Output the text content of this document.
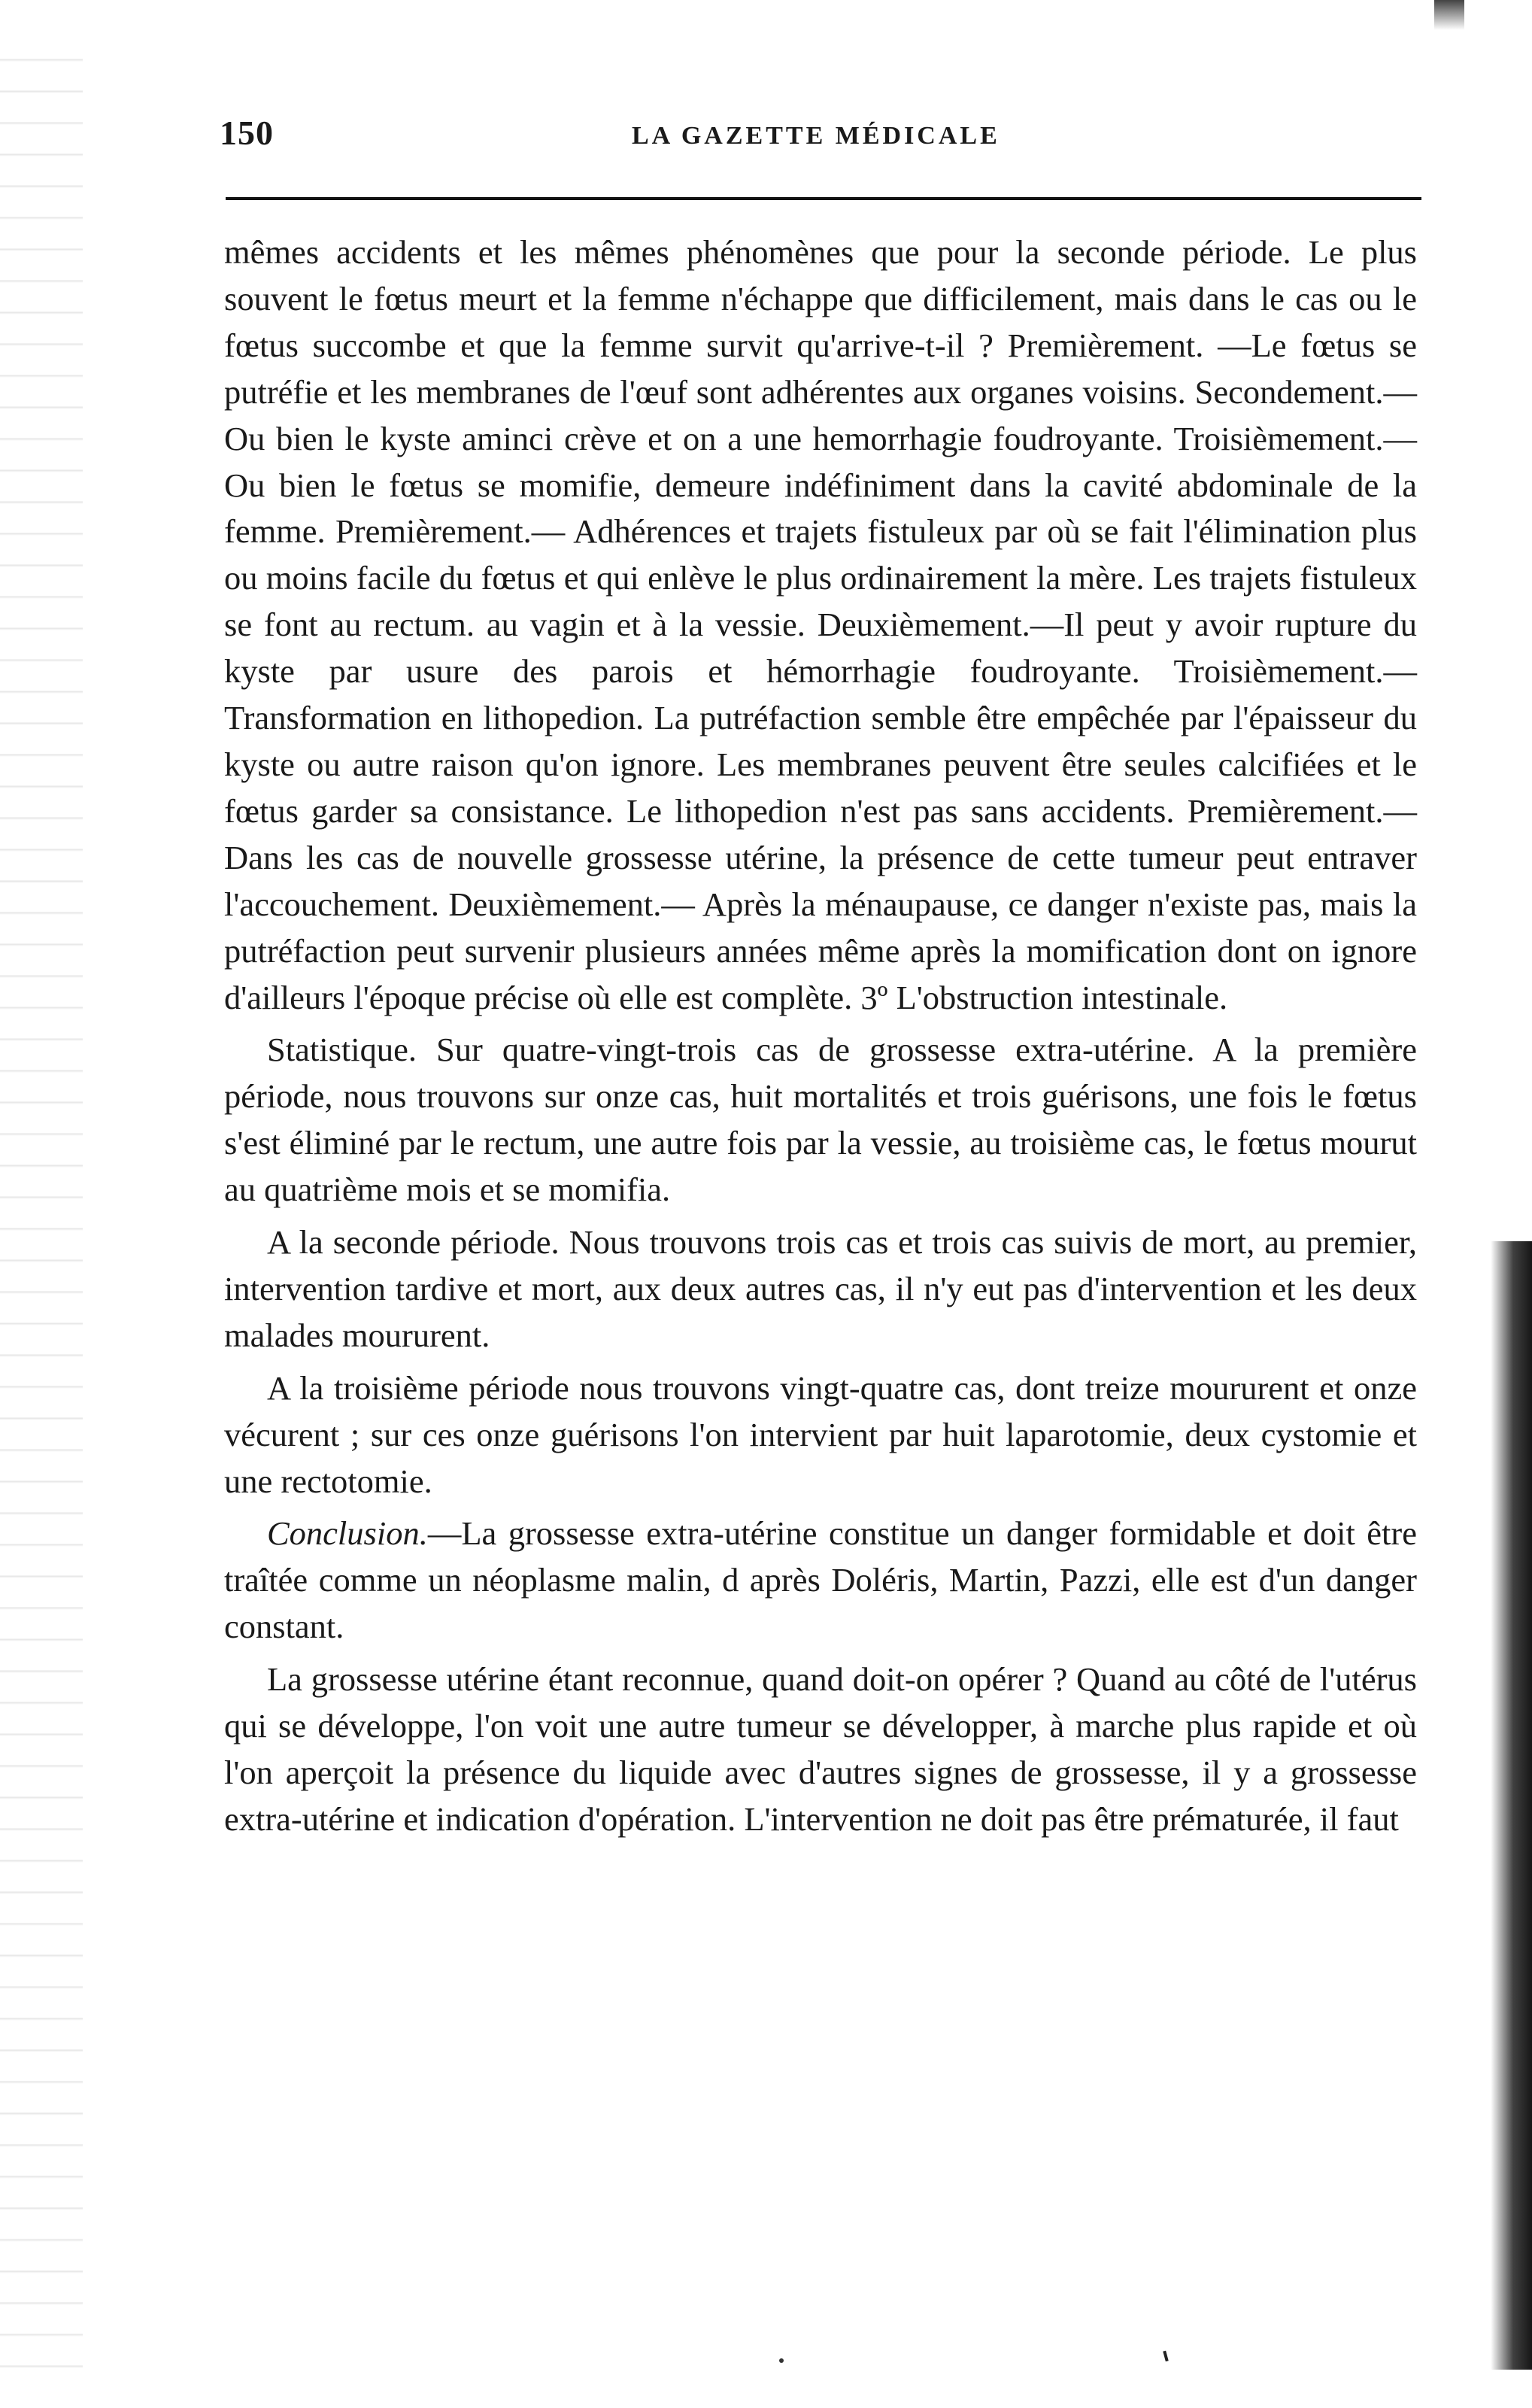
150	LA GAZETTE MÉDICALE

mêmes accidents et les mêmes phénomènes que pour la seconde période. Le plus souvent le fœtus meurt et la femme n'échappe que difficilement, mais dans le cas ou le fœtus succombe et que la femme survit qu'arrive-t-il ? Premièrement. —Le fœtus se putréfie et les membranes de l'œuf sont adhérentes aux organes voisins. Secondement.—Ou bien le kyste aminci crève et on a une hemorrhagie foudroyante. Troisièmement.—Ou bien le fœtus se momifie, demeure indéfiniment dans la cavité abdominale de la femme. Premièrement.— Adhérences et trajets fistuleux par où se fait l'élimination plus ou moins facile du fœtus et qui enlève le plus ordinairement la mère. Les trajets fistuleux se font au rectum. au vagin et à la vessie. Deuxièmement.—Il peut y avoir rupture du kyste par usure des parois et hémorrhagie foudroyante. Troisièmement.— Transformation en lithopedion. La putréfaction semble être empêchée par l'épaisseur du kyste ou autre raison qu'on ignore. Les membranes peuvent être seules calcifiées et le fœtus garder sa consistance. Le lithopedion n'est pas sans accidents. Premièrement.—Dans les cas de nouvelle grossesse utérine, la présence de cette tumeur peut entraver l'accouchement. Deuxièmement.— Après la ménaupause, ce danger n'existe pas, mais la putréfaction peut survenir plusieurs années même après la momification dont on ignore d'ailleurs l'époque précise où elle est complète. 3º L'obstruction intestinale.

Statistique. Sur quatre-vingt-trois cas de grossesse extra-utérine. A la première période, nous trouvons sur onze cas, huit mortalités et trois guérisons, une fois le fœtus s'est éliminé par le rectum, une autre fois par la vessie, au troisième cas, le fœtus mourut au quatrième mois et se momifia.

A la seconde période. Nous trouvons trois cas et trois cas suivis de mort, au premier, intervention tardive et mort, aux deux autres cas, il n'y eut pas d'intervention et les deux malades moururent.

A la troisième période nous trouvons vingt-quatre cas, dont treize moururent et onze vécurent ; sur ces onze guérisons l'on intervient par huit laparotomie, deux cystomie et une rectotomie.

Conclusion.—La grossesse extra-utérine constitue un danger formidable et doit être traîtée comme un néoplasme malin, d après Doléris, Martin, Pazzi, elle est d'un danger constant.

La grossesse utérine étant reconnue, quand doit-on opérer ? Quand au côté de l'utérus qui se développe, l'on voit une autre tumeur se développer, à marche plus rapide et où l'on aperçoit la présence du liquide avec d'autres signes de grossesse, il y a grossesse extra-utérine et indication d'opération. L'intervention ne doit pas être prématurée, il faut
